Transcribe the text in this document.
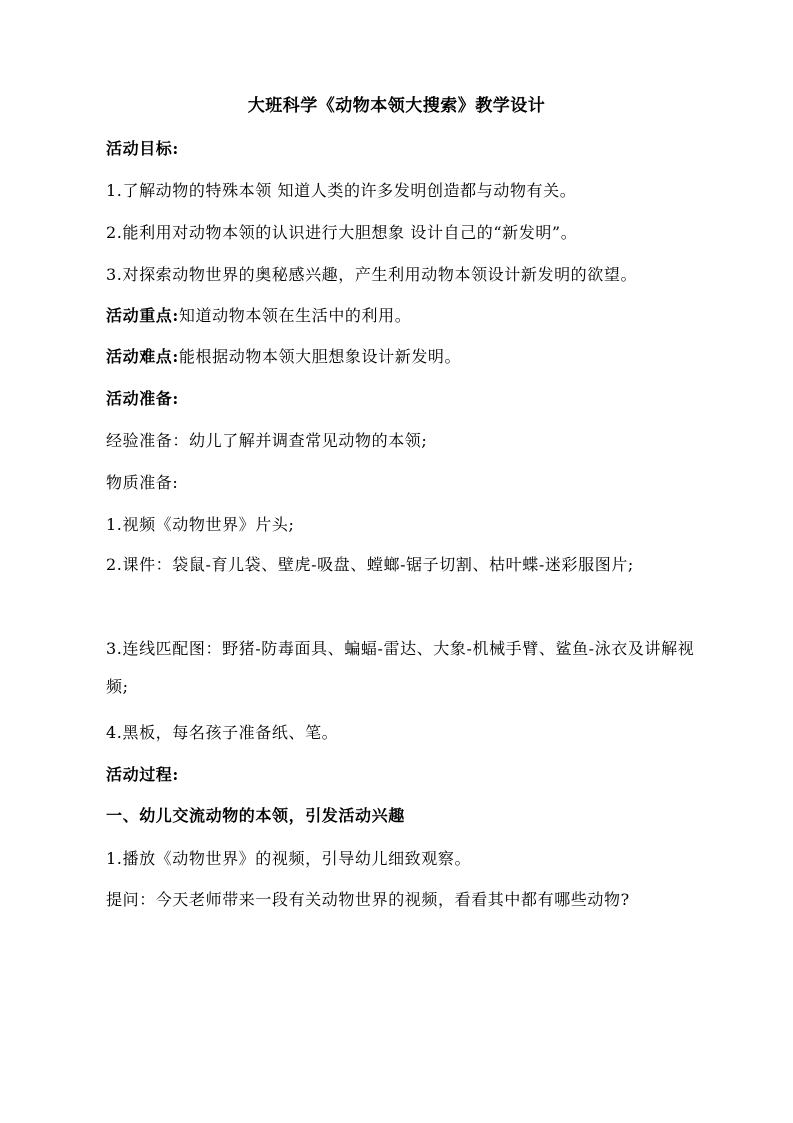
大班科学《动物本领大搜索》教学设计
活动目标:
1.了解动物的特殊本领 知道人类的许多发明创造都与动物有关。
2.能利用对动物本领的认识进行大胆想象 设计自己的“新发明”。
3.对探索动物世界的奥秘感兴趣，产生利用动物本领设计新发明的欲望。
活动重点:知道动物本领在生活中的利用。
活动难点:能根据动物本领大胆想象设计新发明。
活动准备:
经验准备：幼儿了解并调查常见动物的本领;
物质准备:
1.视频《动物世界》片头;
2.课件：袋鼠-育儿袋、壁虎-吸盘、螳螂-锯子切割、枯叶蝶-迷彩服图片;
3.连线匹配图：野猪-防毒面具、蝙蝠-雷达、大象-机械手臂、鲨鱼-泳衣及讲解视频;
4.黑板，每名孩子准备纸、笔。
活动过程:
一、幼儿交流动物的本领，引发活动兴趣
1.播放《动物世界》的视频，引导幼儿细致观察。
提问：今天老师带来一段有关动物世界的视频，看看其中都有哪些动物?
